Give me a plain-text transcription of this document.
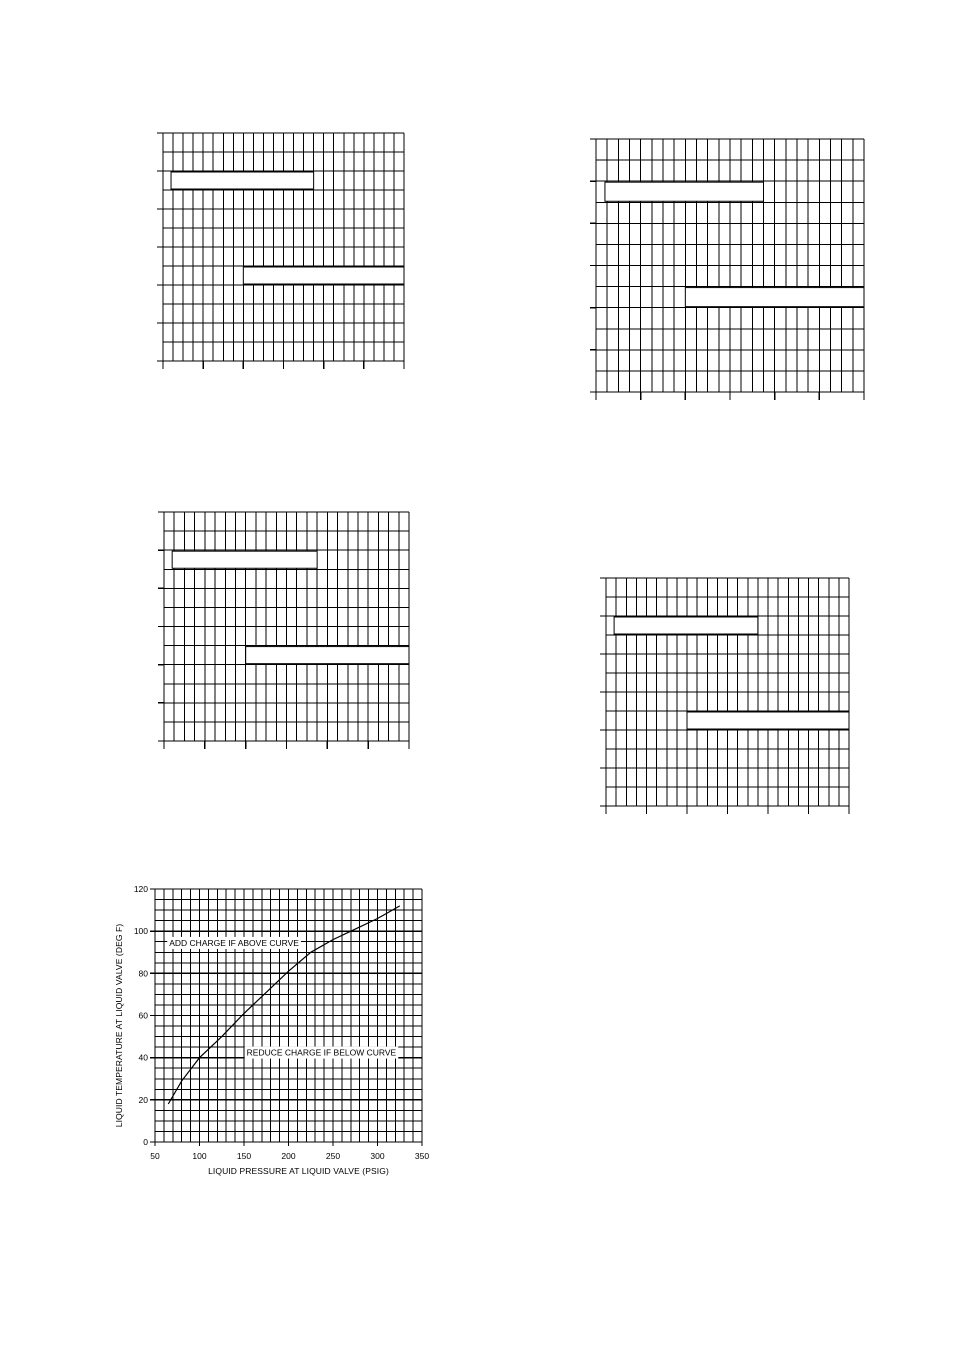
0
20
40
60
80
100
120
50	100	150	200	250	300	350
LIQUID PRESSURE AT LIQUID VALVE (PSIG)
LIQUID TEMPERATURE AT LIQUID VALVE (DEG F)	ADD CHARGE IF ABOVE CURVE
REDUCE CHARGE IF BELOW CURVE
